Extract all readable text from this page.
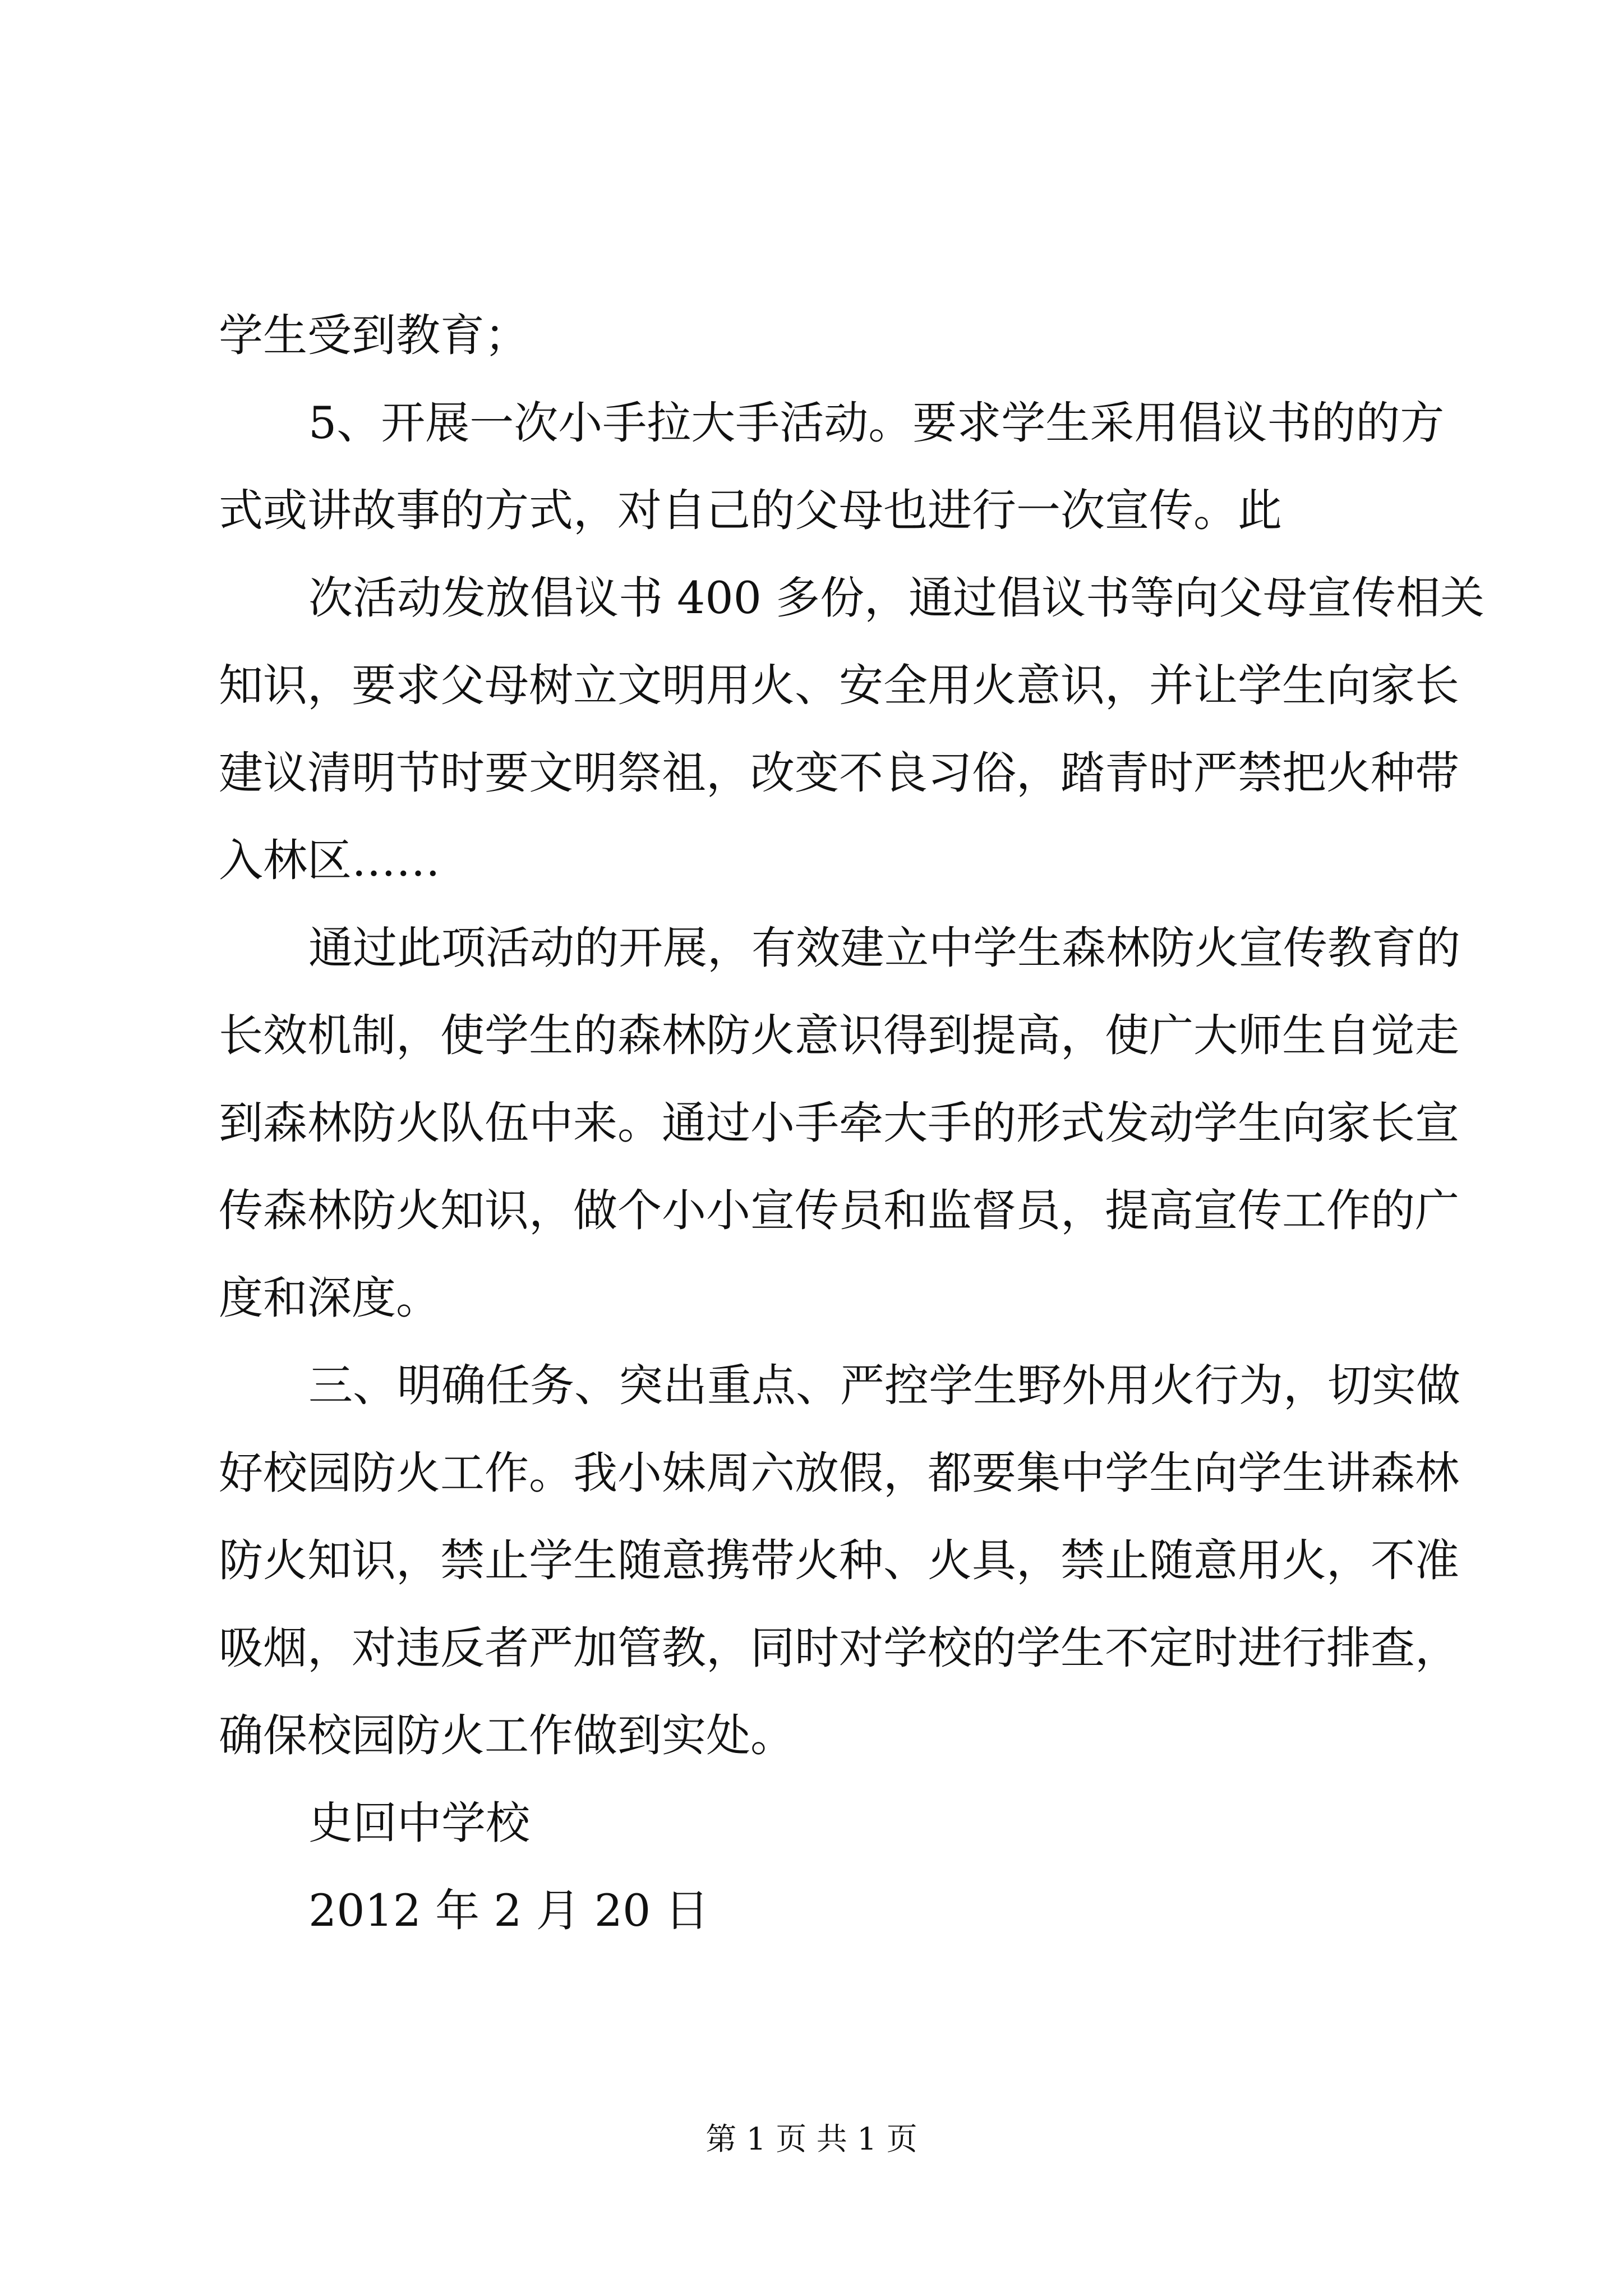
学生受到教育；
5、开展一次小手拉大手活动。要求学生采用倡议书的的方
式或讲故事的方式，对自己的父母也进行一次宣传。此
次活动发放倡议书 400 多份，通过倡议书等向父母宣传相关
知识，要求父母树立文明用火、安全用火意识，并让学生向家长
建议清明节时要文明祭祖，改变不良习俗，踏青时严禁把火种带
入林区……
通过此项活动的开展，有效建立中学生森林防火宣传教育的
长效机制，使学生的森林防火意识得到提高，使广大师生自觉走
到森林防火队伍中来。通过小手牵大手的形式发动学生向家长宣
传森林防火知识，做个小小宣传员和监督员，提高宣传工作的广
度和深度。
三、明确任务、突出重点、严控学生野外用火行为，切实做
好校园防火工作。我小妹周六放假，都要集中学生向学生讲森林
防火知识，禁止学生随意携带火种、火具，禁止随意用火，不准
吸烟，对违反者严加管教，同时对学校的学生不定时进行排查，
确保校园防火工作做到实处。
史回中学校
2012 年 2 月 20 日
第 1 页 共 1 页
